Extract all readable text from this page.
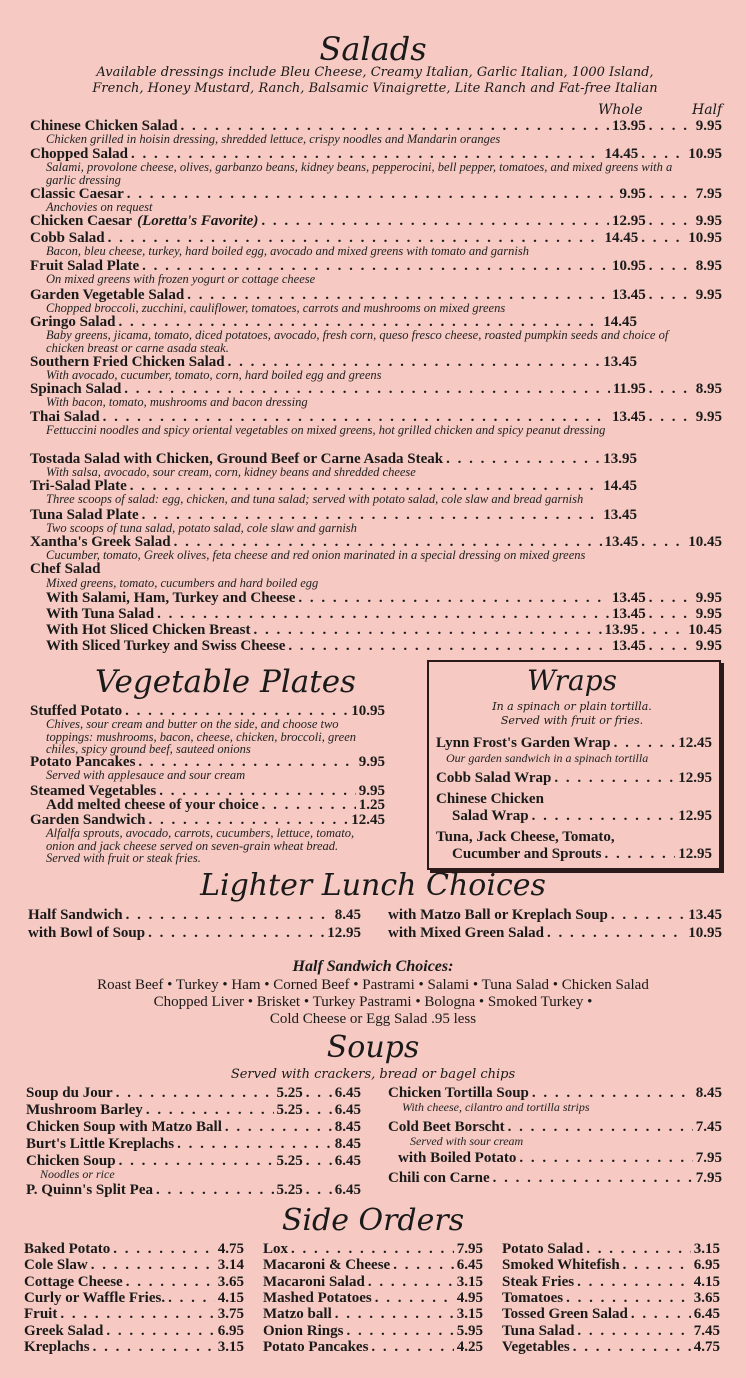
Salads
Available dressings include Bleu Cheese, Creamy Italian, Garlic Italian, 1000 Island, French, Honey Mustard, Ranch, Balsamic Vinaigrette, Lite Ranch and Fat-free Italian
Whole	Half
Chinese Chicken Salad . . .	13.95 . . .	9.95
Chicken grilled in hoisin dressing, shredded lettuce, crispy noodles and Mandarin oranges
Chopped Salad . . .	14.45 . . .	10.95
Salami, provolone cheese, olives, garbanzo beans, kidney beans, pepperocini, bell pepper, tomatoes, and mixed greens with a garlic dressing
Classic Caesar . . .	9.95 . . .	7.95
Anchovies on request
Chicken Caesar (Loretta's Favorite) . . .	12.95 . . .	9.95
Cobb Salad . . .	14.45 . . .	10.95
Bacon, bleu cheese, turkey, hard boiled egg, avocado and mixed greens with tomato and garnish
Fruit Salad Plate . . .	10.95 . . .	8.95
On mixed greens with frozen yogurt or cottage cheese
Garden Vegetable Salad . . .	13.45 . . .	9.95
Chopped broccoli, zucchini, cauliflower, tomatoes, carrots and mushrooms on mixed greens
Gringo Salad . . .	14.45
Baby greens, jicama, tomato, diced potatoes, avocado, fresh corn, queso fresco cheese, roasted pumpkin seeds and choice of chicken breast or carne asada steak.
Southern Fried Chicken Salad . . .	13.45
With avocado, cucumber, tomato, corn, hard boiled egg and greens
Spinach Salad . . .	11.95 . . .	8.95
With bacon, tomato, mushrooms and bacon dressing
Thai Salad . . .	13.45 . . .	9.95
Fettuccini noodles and spicy oriental vegetables on mixed greens, hot grilled chicken and spicy peanut dressing
Tostada Salad with Chicken, Ground Beef or Carne Asada Steak . . .	13.95
With salsa, avocado, sour cream, corn, kidney beans and shredded cheese
Tri-Salad Plate . . .	14.45
Three scoops of salad: egg, chicken, and tuna salad; served with potato salad, cole slaw and bread garnish
Tuna Salad Plate . . .	13.45
Two scoops of tuna salad, potato salad, cole slaw and garnish
Xantha's Greek Salad . . .	13.45 . . .	10.45
Cucumber, tomato, Greek olives, feta cheese and red onion marinated in a special dressing on mixed greens
Chef Salad
Mixed greens, tomato, cucumbers and hard boiled egg
With Salami, Ham, Turkey and Cheese . . .	13.45 . . .	9.95
With Tuna Salad . . .	13.45 . . .	9.95
With Hot Sliced Chicken Breast . . .	13.95 . . .	10.45
With Sliced Turkey and Swiss Cheese . . .	13.45 . . .	9.95
Vegetable Plates
Stuffed Potato . . .	10.95
Chives, sour cream and butter on the side, and choose two toppings: mushrooms, bacon, cheese, chicken, broccoli, green chiles, spicy ground beef, sauteed onions
Potato Pancakes . . .	9.95
Served with applesauce and sour cream
Steamed Vegetables . . .	9.95
Add melted cheese of your choice . . .	1.25
Garden Sandwich . . .	12.45
Alfalfa sprouts, avocado, carrots, cucumbers, lettuce, tomato, onion and jack cheese served on seven-grain wheat bread. Served with fruit or steak fries.
Wraps
In a spinach or plain tortilla.
Served with fruit or fries.
Lynn Frost's Garden Wrap . . .	12.45
Our garden sandwich in a spinach tortilla
Cobb Salad Wrap . . .	12.95
Chinese Chicken
Salad Wrap . . .	12.95
Tuna, Jack Cheese, Tomato,
Cucumber and Sprouts . . .	12.95
Lighter Lunch Choices
Half Sandwich . . .	8.45 with Matzo Ball or Kreplach Soup . . .	13.45
with Bowl of Soup . . .	12.95 with Mixed Green Salad . . .	10.95
Half Sandwich Choices:
Roast Beef • Turkey • Ham • Corned Beef • Pastrami • Salami • Tuna Salad • Chicken Salad
Chopped Liver • Brisket • Turkey Pastrami • Bologna • Smoked Turkey •
Cold Cheese or Egg Salad .95 less
Soups
Served with crackers, bread or bagel chips
Soup du Jour . . .	5.25 . . . 6.45
Mushroom Barley . . .	5.25 . . . 6.45
Chicken Soup with Matzo Ball . . .	8.45
Burt's Little Kreplachs . . .	8.45
Chicken Soup . . .	5.25 . . . 6.45
Noodles or rice
P. Quinn's Split Pea . . .	5.25 . . . 6.45
Chicken Tortilla Soup . . .	8.45
With cheese, cilantro and tortilla strips
Cold Beet Borscht . . .	7.45
Served with sour cream
with Boiled Potato . . .	7.95
Chili con Carne . . .	7.95
Side Orders
Baked Potato . . .	4.75
Cole Slaw . . .	3.14
Cottage Cheese . . .	3.65
Curly or Waffle Fries. . . .	4.15
Fruit . . .	3.75
Greek Salad . . .	6.95
Kreplachs . . .	3.15
Lox . . .	7.95
Macaroni & Cheese . . .	6.45
Macaroni Salad . . .	3.15
Mashed Potatoes . . .	4.95
Matzo ball . . .	3.15
Onion Rings . . .	5.95
Potato Pancakes . . .	4.25
Potato Salad . . .	3.15
Smoked Whitefish . . .	6.95
Steak Fries . . .	4.15
Tomatoes . . .	3.65
Tossed Green Salad . . .	6.45
Tuna Salad . . .	7.45
Vegetables . . .	4.75
